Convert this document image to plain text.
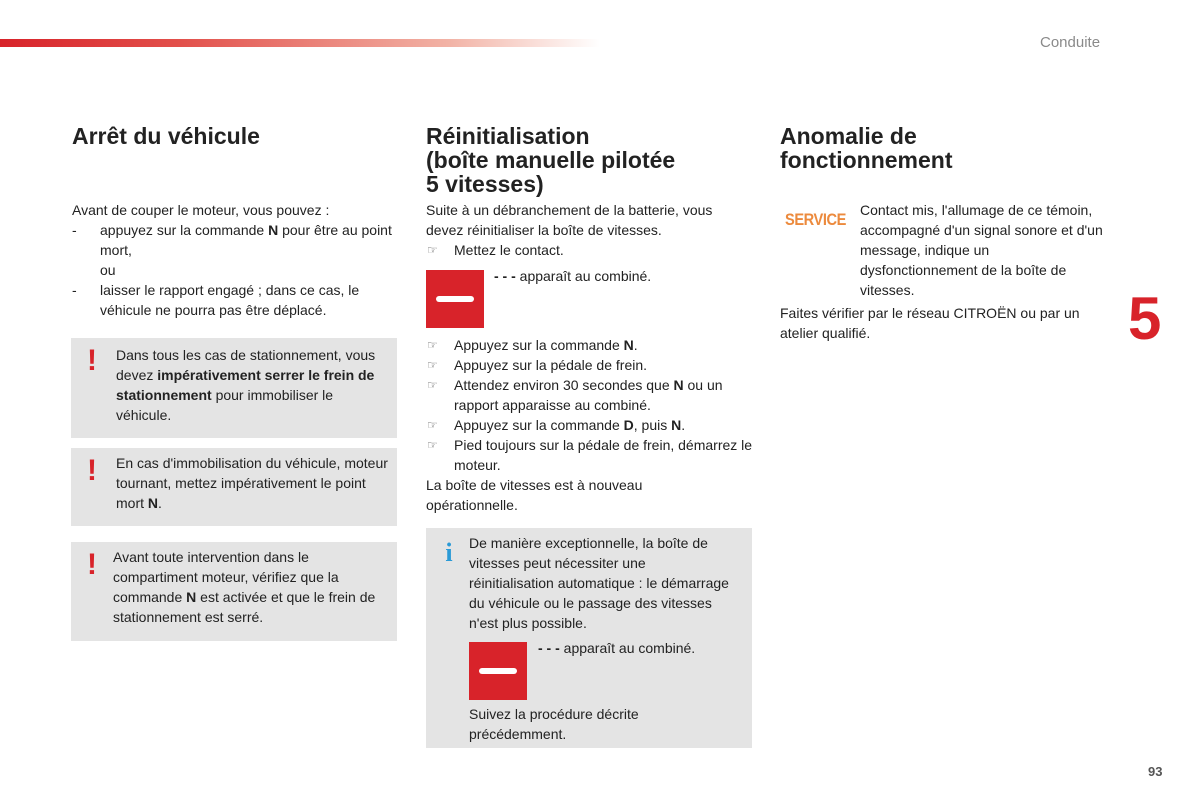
Conduite
5
93
Arrêt du véhicule

Avant de couper le moteur, vous pouvez :

- appuyez sur la commande N pour être au point mort,
ou
- laisser le rapport engagé ; dans ce cas, le véhicule ne pourra pas être déplacé.
! Dans tous les cas de stationnement, vous devez impérativement serrer le frein de stationnement pour immobiliser le véhicule.
! En cas d'immobilisation du véhicule, moteur tournant, mettez impérativement le point mort N.
! Avant toute intervention dans le compartiment moteur, vérifiez que la commande N est activée et que le frein de stationnement est serré.
Réinitialisation
(boîte manuelle pilotée
5 vitesses)

Suite à un débranchement de la batterie, vous devez réinitialiser la boîte de vitesses.

☞ Mettez le contact.
- - - apparaît au combiné.
☞ Appuyez sur la commande N.
☞ Appuyez sur la pédale de frein.
☞ Attendez environ 30 secondes que N ou un rapport apparaisse au combiné.
☞ Appuyez sur la commande D, puis N.
☞ Pied toujours sur la pédale de frein, démarrez le moteur.

La boîte de vitesses est à nouveau opérationnelle.

i De manière exceptionnelle, la boîte de vitesses peut nécessiter une réinitialisation automatique : le démarrage du véhicule ou le passage des vitesses n'est plus possible.
- - - apparaît au combiné.
Suivez la procédure décrite précédemment.
Anomalie de
fonctionnement
SERVICE Contact mis, l'allumage de ce témoin, accompagné d'un signal sonore et d'un message, indique un dysfonctionnement de la boîte de vitesses.
Faites vérifier par le réseau CITROËN ou par un atelier qualifié.
